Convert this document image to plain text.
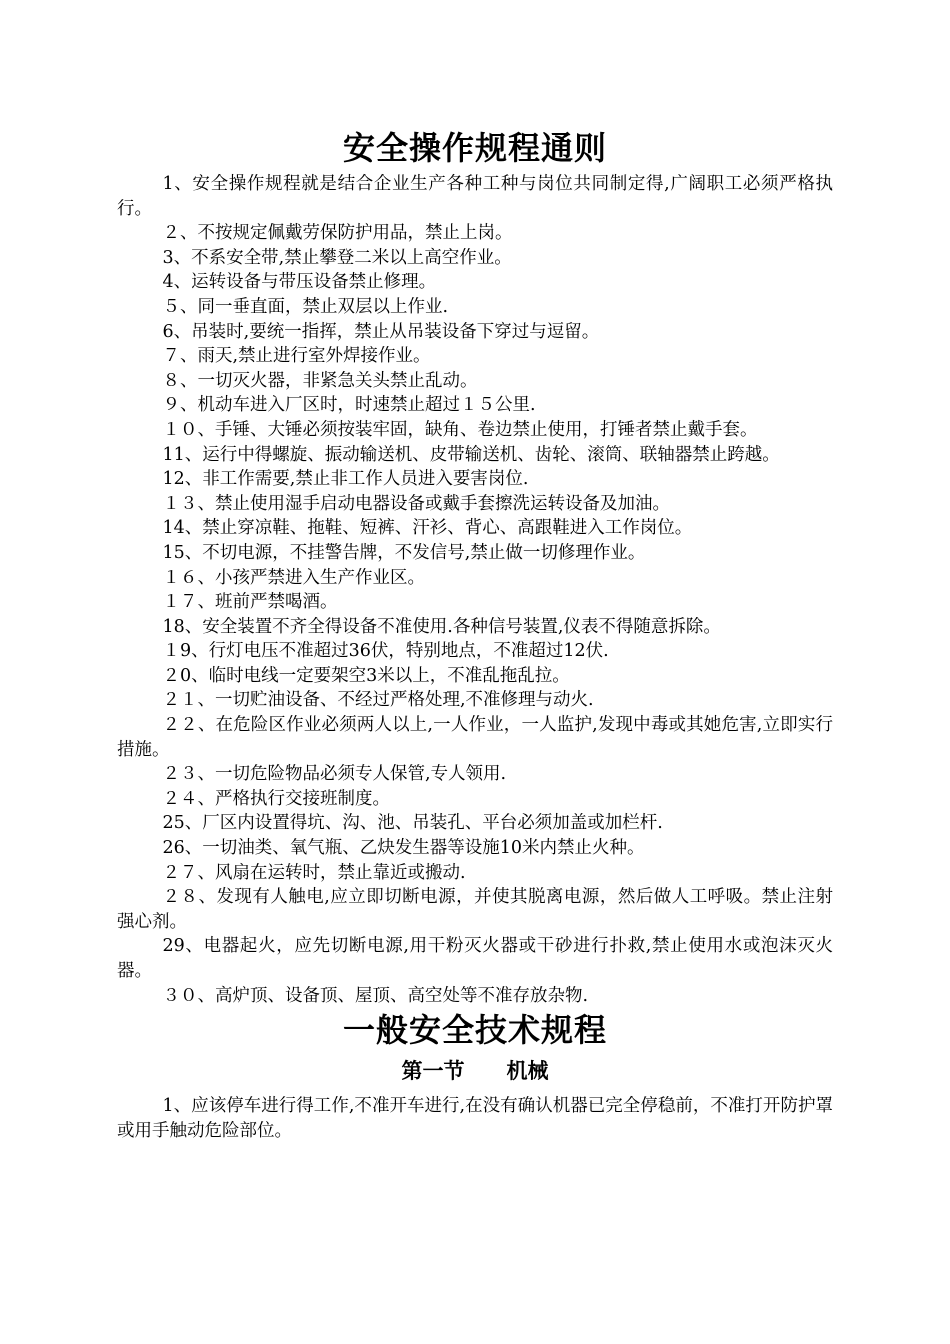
安全操作规程通则

1、安全操作规程就是结合企业生产各种工种与岗位共同制定得,广阔职工必须严格执行。

２、不按规定佩戴劳保防护用品，禁止上岗。

3、不系安全带,禁止攀登二米以上高空作业。

4、运转设备与带压设备禁止修理。

５、同一垂直面，禁止双层以上作业.

6、吊装时,要统一指挥，禁止从吊装设备下穿过与逗留。

７、雨天,禁止进行室外焊接作业。

８、一切灭火器，非紧急关头禁止乱动。

９、机动车进入厂区时，时速禁止超过１５公里.

１０、手锤、大锤必须按装牢固，缺角、卷边禁止使用，打锤者禁止戴手套。

11、运行中得螺旋、振动输送机、皮带输送机、齿轮、滚筒、联轴器禁止跨越。

12、非工作需要,禁止非工作人员进入要害岗位.

１３、禁止使用湿手启动电器设备或戴手套擦洗运转设备及加油。

14、禁止穿凉鞋、拖鞋、短裤、汗衫、背心、高跟鞋进入工作岗位。

15、不切电源，不挂警告牌，不发信号,禁止做一切修理作业。

１６、小孩严禁进入生产作业区。

１７、班前严禁喝酒。

18、安全装置不齐全得设备不准使用.各种信号装置,仪表不得随意拆除。

１9、行灯电压不准超过36伏，特别地点，不准超过12伏.

２0、临时电线一定要架空3米以上，不准乱拖乱拉。

２１、一切贮油设备、不经过严格处理,不准修理与动火.

２２、在危险区作业必须两人以上,一人作业，一人监护,发现中毒或其她危害,立即实行措施。

２３、一切危险物品必须专人保管,专人领用.

２４、严格执行交接班制度。

25、厂区内设置得坑、沟、池、吊装孔、平台必须加盖或加栏杆.

26、一切油类、氧气瓶、乙炔发生器等设施10米内禁止火种。

２７、风扇在运转时，禁止靠近或搬动.

２８、发现有人触电,应立即切断电源，并使其脱离电源，然后做人工呼吸。禁止注射强心剂。

29、电器起火，应先切断电源,用干粉灭火器或干砂进行扑救,禁止使用水或泡沫灭火器。

３０、高炉顶、设备顶、屋顶、高空处等不准存放杂物.

一般安全技术规程
第一节　　机械

1、应该停车进行得工作,不准开车进行,在没有确认机器已完全停稳前，不准打开防护罩或用手触动危险部位。
